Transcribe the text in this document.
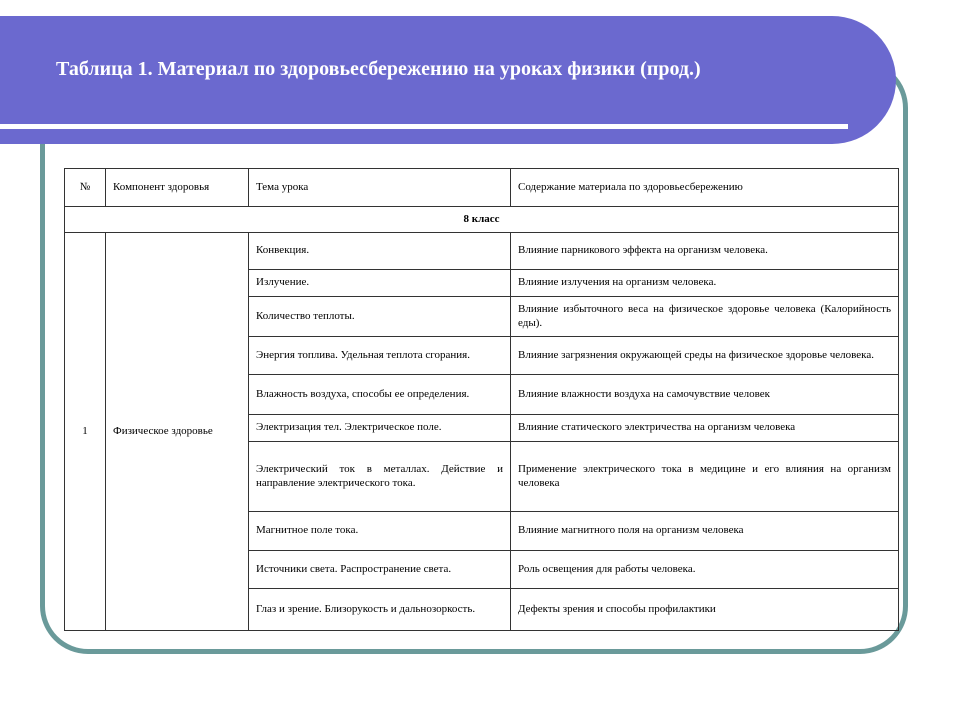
Таблица 1. Материал по здоровьесбережению на уроках физики (прод.)
№	Компонент здоровья	Тема урока	Содержание материала по здоровьесбережению
8 класс			
1	Физическое здоровье	Конвекция.	Влияние парникового эффекта на организм человека.
		Излучение.	Влияние излучения на организм человека.
		Количество теплоты.	Влияние избыточного веса на физическое здоровье человека (Калорийность еды).
		Энергия топлива. Удельная теплота сгорания.	Влияние загрязнения окружающей среды на физическое здоровье человека.
		Влажность воздуха, способы ее определения.	Влияние влажности воздуха на самочувствие человек
		Электризация тел. Электрическое поле.	Влияние статического электричества на организм человека
		Электрический ток в металлах. Действие и направление электрического тока.	Применение электрического тока в медицине и его влияния на организм человека
		Магнитное поле тока.	Влияние магнитного поля на организм человека
		Источники света. Распространение света.	Роль освещения для работы человека.
		Глаз и зрение. Близорукость и дальнозоркость.	Дефекты зрения и способы профилактики
